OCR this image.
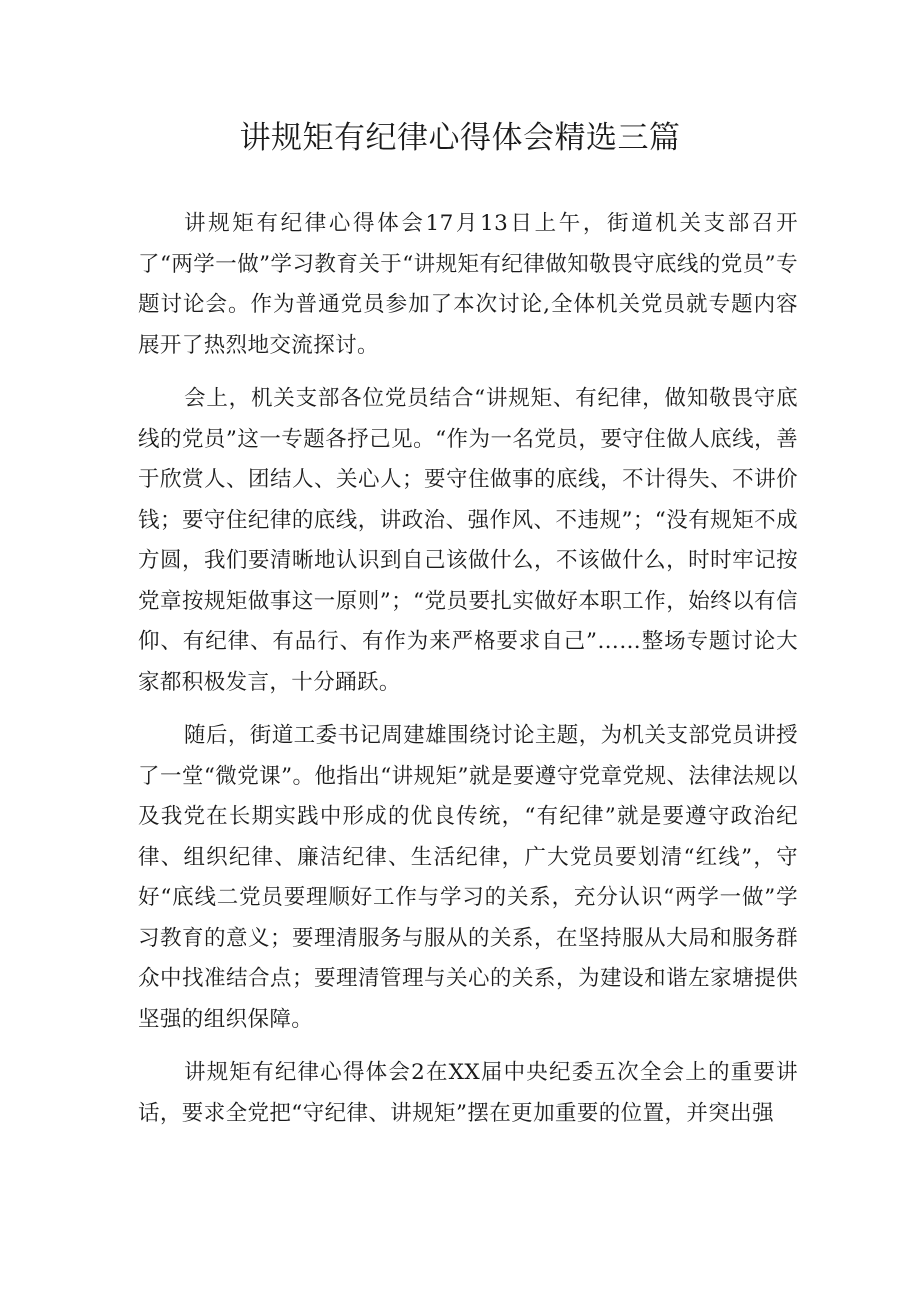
讲规矩有纪律心得体会精选三篇

讲规矩有纪律心得体会17月13日上午，街道机关支部召开了“两学一做”学习教育关于“讲规矩有纪律做知敬畏守底线的党员”专题讨论会。作为普通党员参加了本次讨论,全体机关党员就专题内容展开了热烈地交流探讨。

会上，机关支部各位党员结合“讲规矩、有纪律，做知敬畏守底线的党员”这一专题各抒己见。“作为一名党员，要守住做人底线，善于欣赏人、团结人、关心人；要守住做事的底线，不计得失、不讲价钱；要守住纪律的底线，讲政治、强作风、不违规”；“没有规矩不成方圆，我们要清晰地认识到自己该做什么，不该做什么，时时牢记按党章按规矩做事这一原则”；“党员要扎实做好本职工作，始终以有信仰、有纪律、有品行、有作为来严格要求自己”……整场专题讨论大家都积极发言，十分踊跃。

随后，街道工委书记周建雄围绕讨论主题，为机关支部党员讲授了一堂“微党课”。他指出“讲规矩”就是要遵守党章党规、法律法规以及我党在长期实践中形成的优良传统，“有纪律”就是要遵守政治纪律、组织纪律、廉洁纪律、生活纪律，广大党员要划清“红线”，守好“底线二党员要理顺好工作与学习的关系，充分认识“两学一做”学习教育的意义；要理清服务与服从的关系，在坚持服从大局和服务群众中找准结合点；要理清管理与关心的关系，为建设和谐左家塘提供坚强的组织保障。

讲规矩有纪律心得体会2在XX届中央纪委五次全会上的重要讲话，要求全党把“守纪律、讲规矩”摆在更加重要的位置，并突出强
